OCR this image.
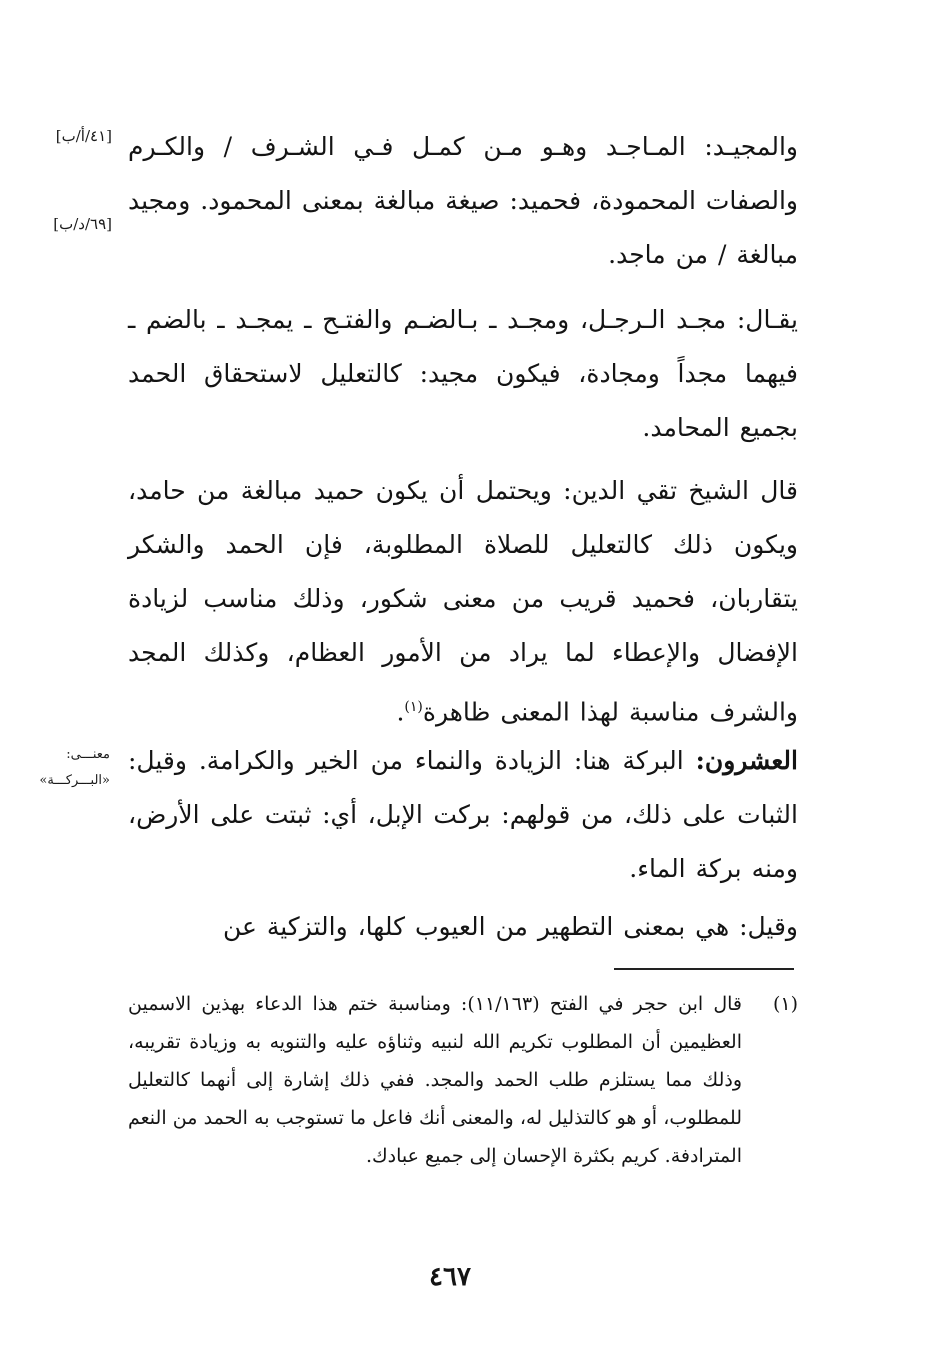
[٤١/أ/ب]
[٦٩/د/ب]
معنـــى:
«البـــركـــة»

والمجيـد: المـاجـد وهـو مـن كمـل فـي الشـرف / والكـرم والصفات المحمودة، فحميد: صيغة مبالغة بمعنى المحمود. ومجيد مبالغة / من ماجد.

يقـال: مجـد الـرجـل، ومجـد ـ بـالضـم والفتـح ـ يمجـد ـ بالضم ـ فيهما مجداً ومجادة، فيكون مجيد: كالتعليل لاستحقاق الحمد بجميع المحامد.

قال الشيخ تقي الدين: ويحتمل أن يكون حميد مبالغة من حامد، ويكون ذلك كالتعليل للصلاة المطلوبة، فإن الحمد والشكر يتقاربان، فحميد قريب من معنى شكور، وذلك مناسب لزيادة الإفضال والإعطاء لما يراد من الأمور العظام، وكذلك المجد والشرف مناسبة لهذا المعنى ظاهرة$^{(١)}$.

العشرون: البركة هنا: الزيادة والنماء من الخير والكرامة. وقيل: الثبات على ذلك، من قولهم: بركت الإبل، أي: ثبتت على الأرض، ومنه بركة الماء.

وقيل: هي بمعنى التطهير من العيوب كلها، والتزكية عن

(١)
قال ابن حجر في الفتح (١١/١٦٣): ومناسبة ختم هذا الدعاء بهذين الاسمين العظيمين أن المطلوب تكريم الله لنبيه وثناؤه عليه والتنويه به وزيادة تقريبه، وذلك مما يستلزم طلب الحمد والمجد. ففي ذلك إشارة إلى أنهما كالتعليل للمطلوب، أو هو كالتذليل له، والمعنى أنك فاعل ما تستوجب به الحمد من النعم المترادفة. كريم بكثرة الإحسان إلى جميع عبادك.
٤٦٧
